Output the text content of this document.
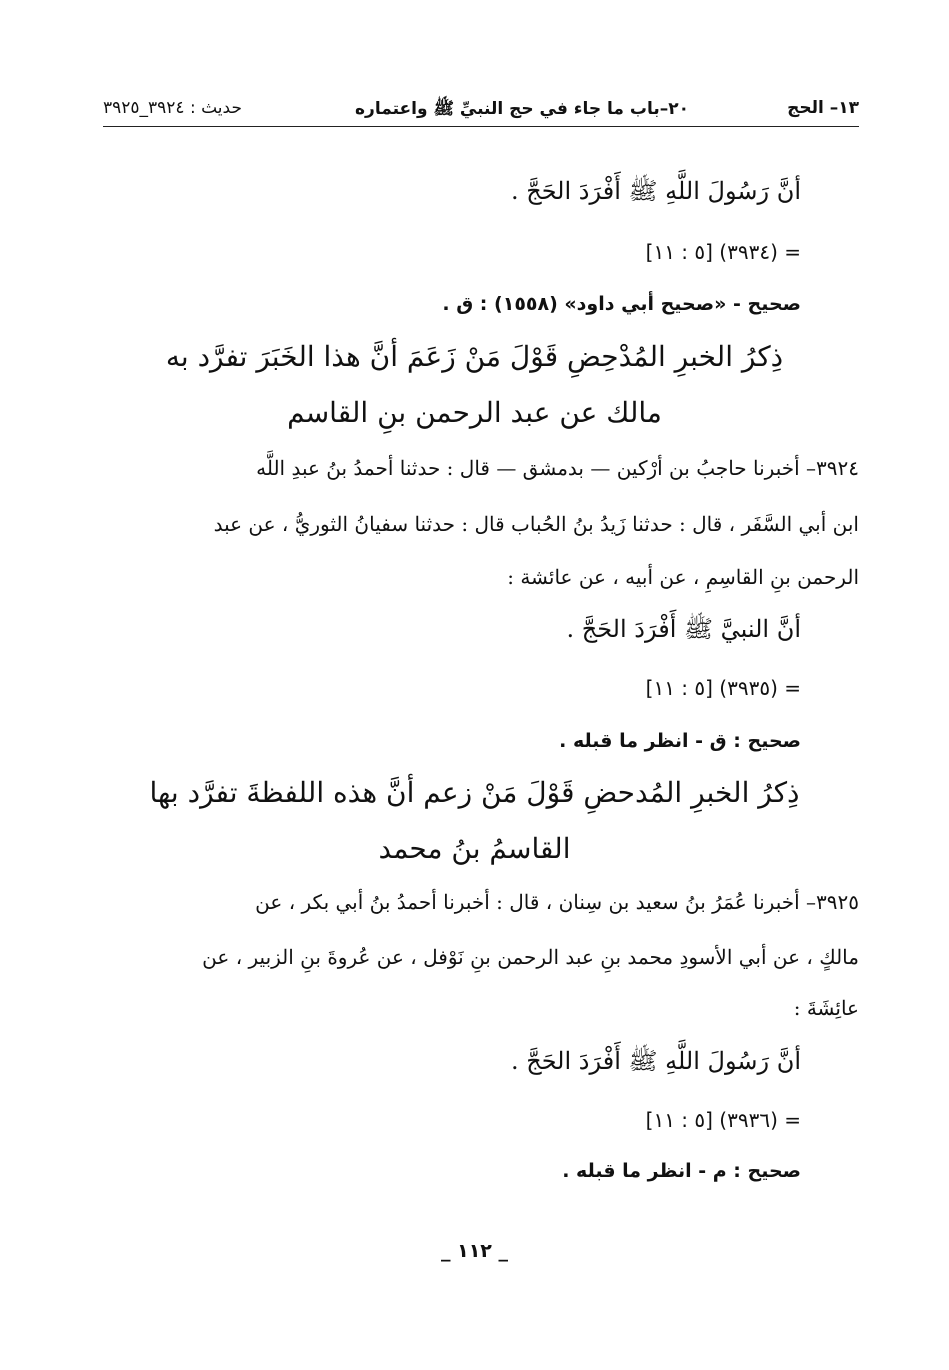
١٣– الحج
٢٠–باب ما جاء في حج النبيِّ ﷺ واعتماره
حديث : ٣٩٢٤_٣٩٢٥
أنَّ رَسُولَ اللَّهِ ﷺ أَفْرَدَ الحَجَّ .
= (٣٩٣٤) [٥ : ١١]
صحيح - «صحيح أبي داود» (١٥٥٨) : ق .
ذِكرُ الخبرِ المُدْحِضِ قَوْلَ مَنْ زَعَمَ أنَّ هذا الخَبَرَ تفرَّد به
مالك عن عبد الرحمن بنِ القاسم
٣٩٢٤– أخبرنا حاجبُ بن أرْكين — بدمشق — قال : حدثنا أحمدُ بنُ عبدِ اللَّه
ابن أبي السَّفَر ، قال : حدثنا زَيدُ بنُ الحُباب قال : حدثنا سفيانُ الثوريُّ ، عن عبد
الرحمن بنِ القاسِمِ ، عن أبيه ، عن عائشة :
أنَّ النبيَّ ﷺ أَفْرَدَ الحَجَّ .
= (٣٩٣٥) [٥ : ١١]
صحيح : ق - انظر ما قبله .
ذِكرُ الخبرِ المُدحضِ قَوْلَ مَنْ زعم أنَّ هذه اللفظةَ تفرَّد بها
القاسمُ بنُ محمد
٣٩٢٥– أخبرنا عُمَرُ بنُ سعيد بن سِنان ، قال : أخبرنا أحمدُ بنُ أبي بكر ، عن
مالكٍ ، عن أبي الأسودِ محمد بنِ عبد الرحمن بنِ نَوْفل ، عن عُروةَ بنِ الزبير ، عن
عائِشَةَ :
أنَّ رَسُولَ اللَّهِ ﷺ أَفْرَدَ الحَجَّ .
= (٣٩٣٦) [٥ : ١١]
صحيح : م - انظر ما قبله .
_ ١١٢ _
